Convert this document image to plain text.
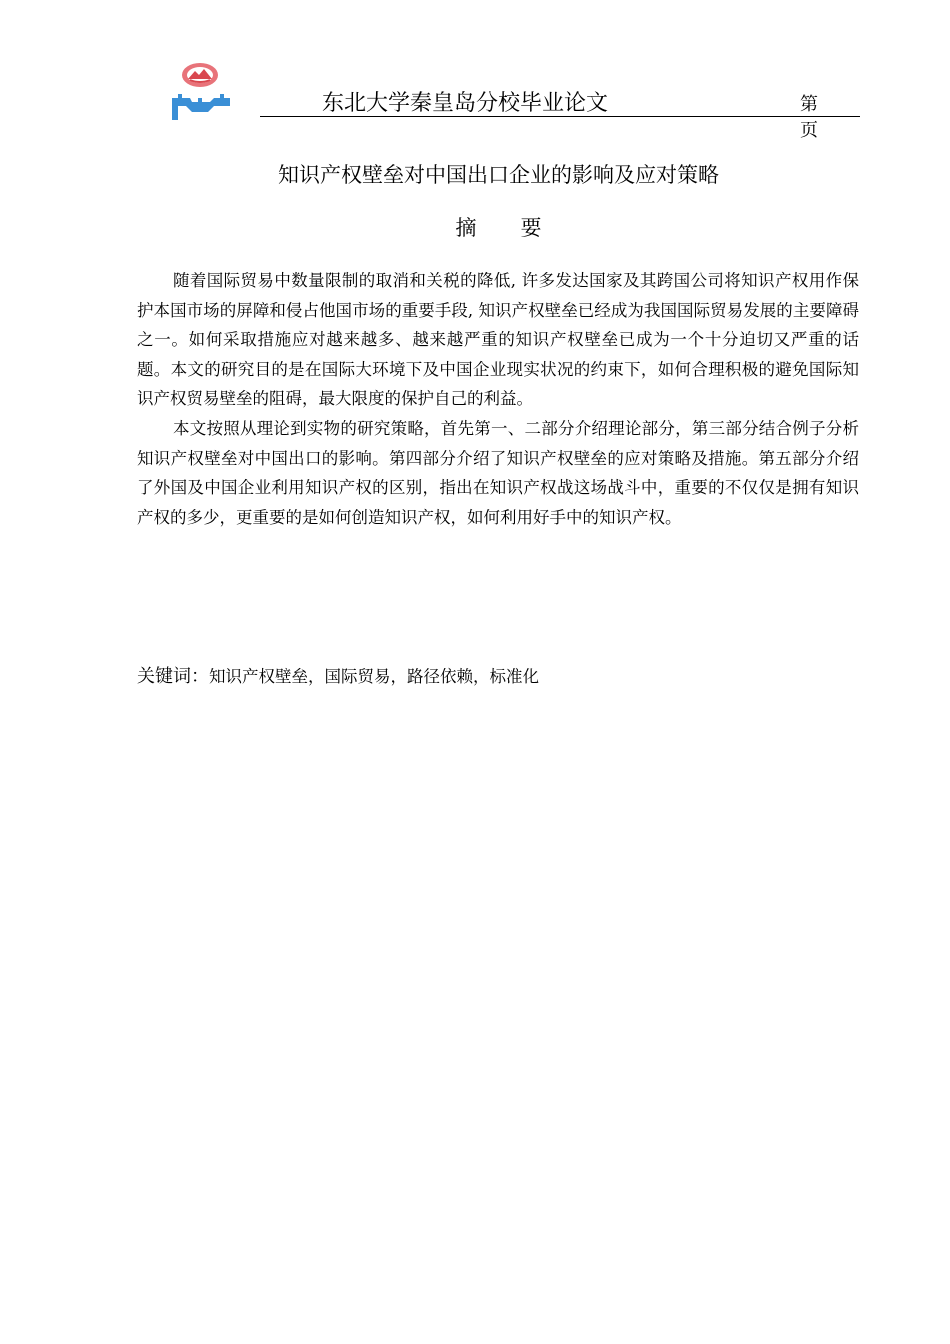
东北大学秦皇岛分校毕业论文	第 页
知识产权壁垒对中国出口企业的影响及应对策略
摘要

随着国际贸易中数量限制的取消和关税的降低, 许多发达国家及其跨国公司将知识产权用作保护本国市场的屏障和侵占他国市场的重要手段, 知识产权壁垒已经成为我国国际贸易发展的主要障碍之一。如何采取措施应对越来越多、越来越严重的知识产权壁垒已成为一个十分迫切又严重的话题。本文的研究目的是在国际大环境下及中国企业现实状况的约束下，如何合理积极的避免国际知识产权贸易壁垒的阻碍，最大限度的保护自己的利益。

本文按照从理论到实物的研究策略，首先第一、二部分介绍理论部分，第三部分结合例子分析知识产权壁垒对中国出口的影响。第四部分介绍了知识产权壁垒的应对策略及措施。第五部分介绍了外国及中国企业利用知识产权的区别，指出在知识产权战这场战斗中，重要的不仅仅是拥有知识产权的多少，更重要的是如何创造知识产权，如何利用好手中的知识产权。

关键词：知识产权壁垒，国际贸易，路径依赖，标准化
